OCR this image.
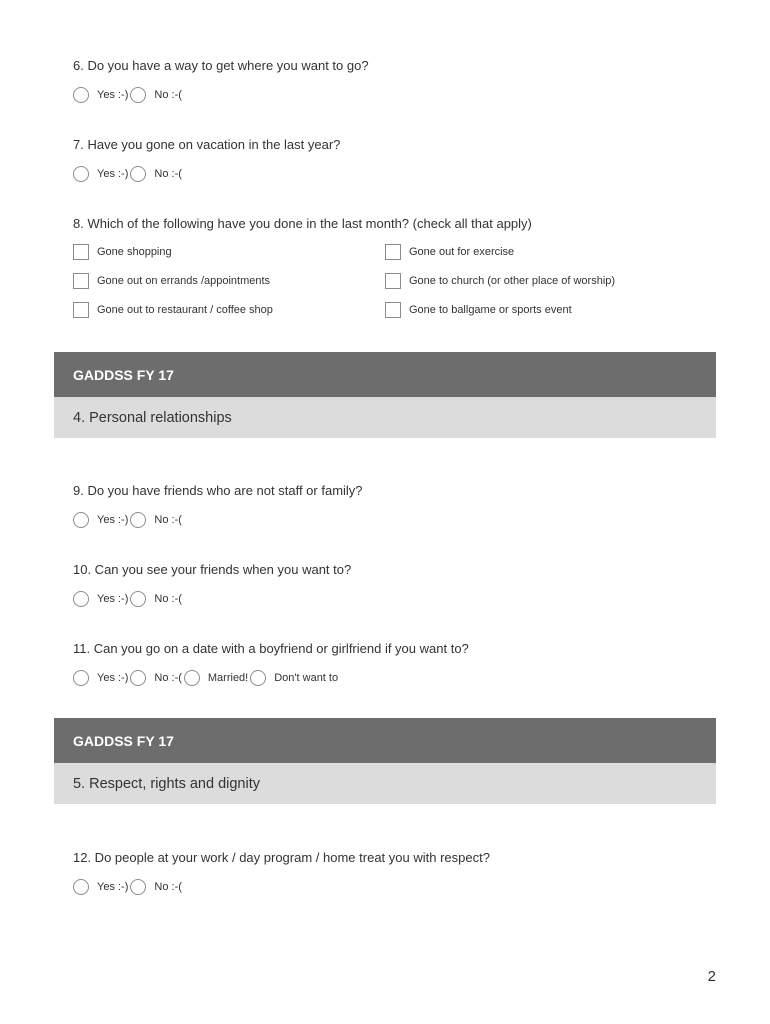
6. Do you have a way to get where you want to go?
Yes :-) No :-(
7. Have you gone on vacation in the last year?
Yes :-) No :-(
8. Which of the following have you done in the last month? (check all that apply)
Gone shopping	Gone out for exercise
Gone out on errands /appointments	Gone to church (or other place of worship)
Gone out to restaurant / coffee shop	Gone to ballgame or sports event
GADDSS FY 17
4. Personal relationships
9. Do you have friends who are not staff or family?
Yes :-) No :-(
10. Can you see your friends when you want to?
Yes :-) No :-(
11. Can you go on a date with a boyfriend or girlfriend if you want to?
Yes :-) No :-( Married! Don't want to
GADDSS FY 17
5. Respect, rights and dignity
12. Do people at your work / day program / home treat you with respect?
Yes :-) No :-(
2
